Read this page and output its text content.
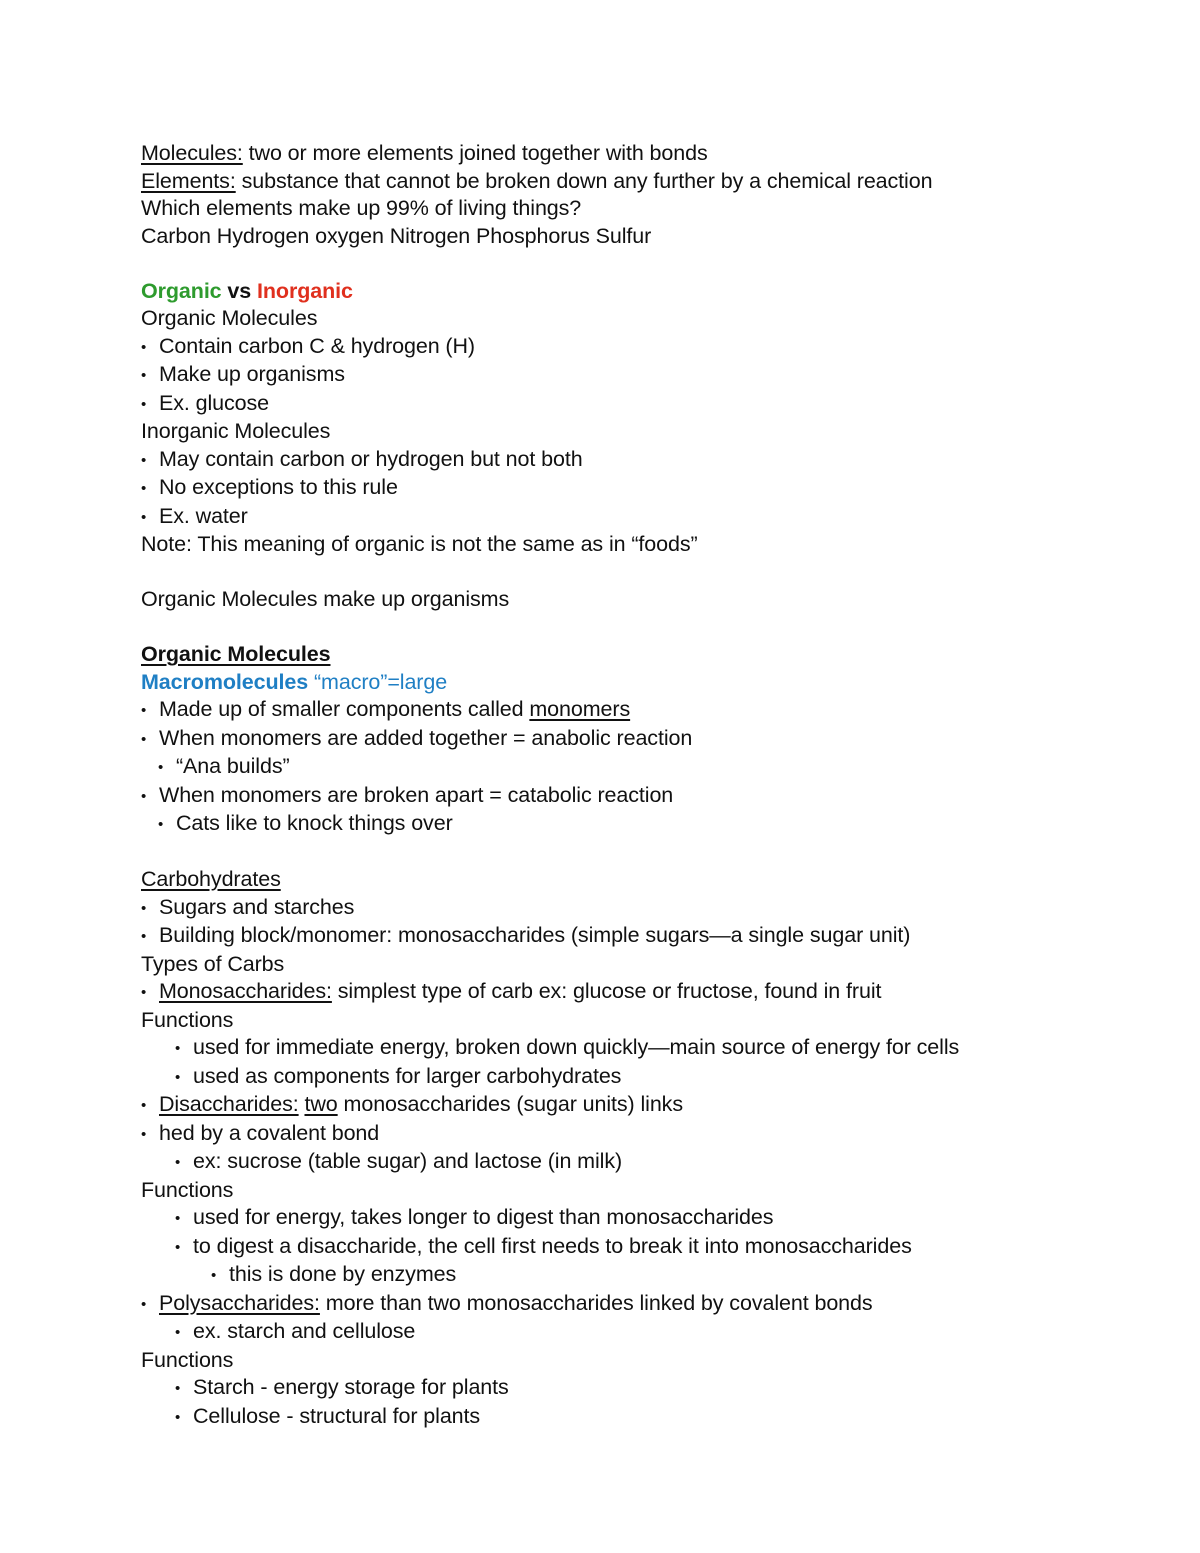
Molecules: two or more elements joined together with bonds

Elements: substance that cannot be broken down any further by a chemical reaction

Which elements make up 99% of living things?

Carbon Hydrogen oxygen Nitrogen Phosphorus Sulfur

Organic vs Inorganic

Organic Molecules

• Contain carbon C & hydrogen (H)

• Make up organisms

• Ex. glucose

Inorganic Molecules

• May contain carbon or hydrogen but not both

• No exceptions to this rule

• Ex. water

Note: This meaning of organic is not the same as in “foods”

Organic Molecules make up organisms

Organic Molecules

Macromolecules “macro”=large

• Made up of smaller components called monomers

• When monomers are added together = anabolic reaction

• “Ana builds”

• When monomers are broken apart = catabolic reaction

• Cats like to knock things over

Carbohydrates

• Sugars and starches

• Building block/monomer: monosaccharides (simple sugars—a single sugar unit)

Types of Carbs

• Monosaccharides: simplest type of carb ex: glucose or fructose, found in fruit

Functions

• used for immediate energy, broken down quickly—main source of energy for cells

• used as components for larger carbohydrates

• Disaccharides: two monosaccharides (sugar units) links

• hed by a covalent bond

• ex: sucrose (table sugar) and lactose (in milk)

Functions

• used for energy, takes longer to digest than monosaccharides

• to digest a disaccharide, the cell first needs to break it into monosaccharides

• this is done by enzymes

• Polysaccharides: more than two monosaccharides linked by covalent bonds

• ex. starch and cellulose

Functions

• Starch - energy storage for plants

• Cellulose - structural for plants
